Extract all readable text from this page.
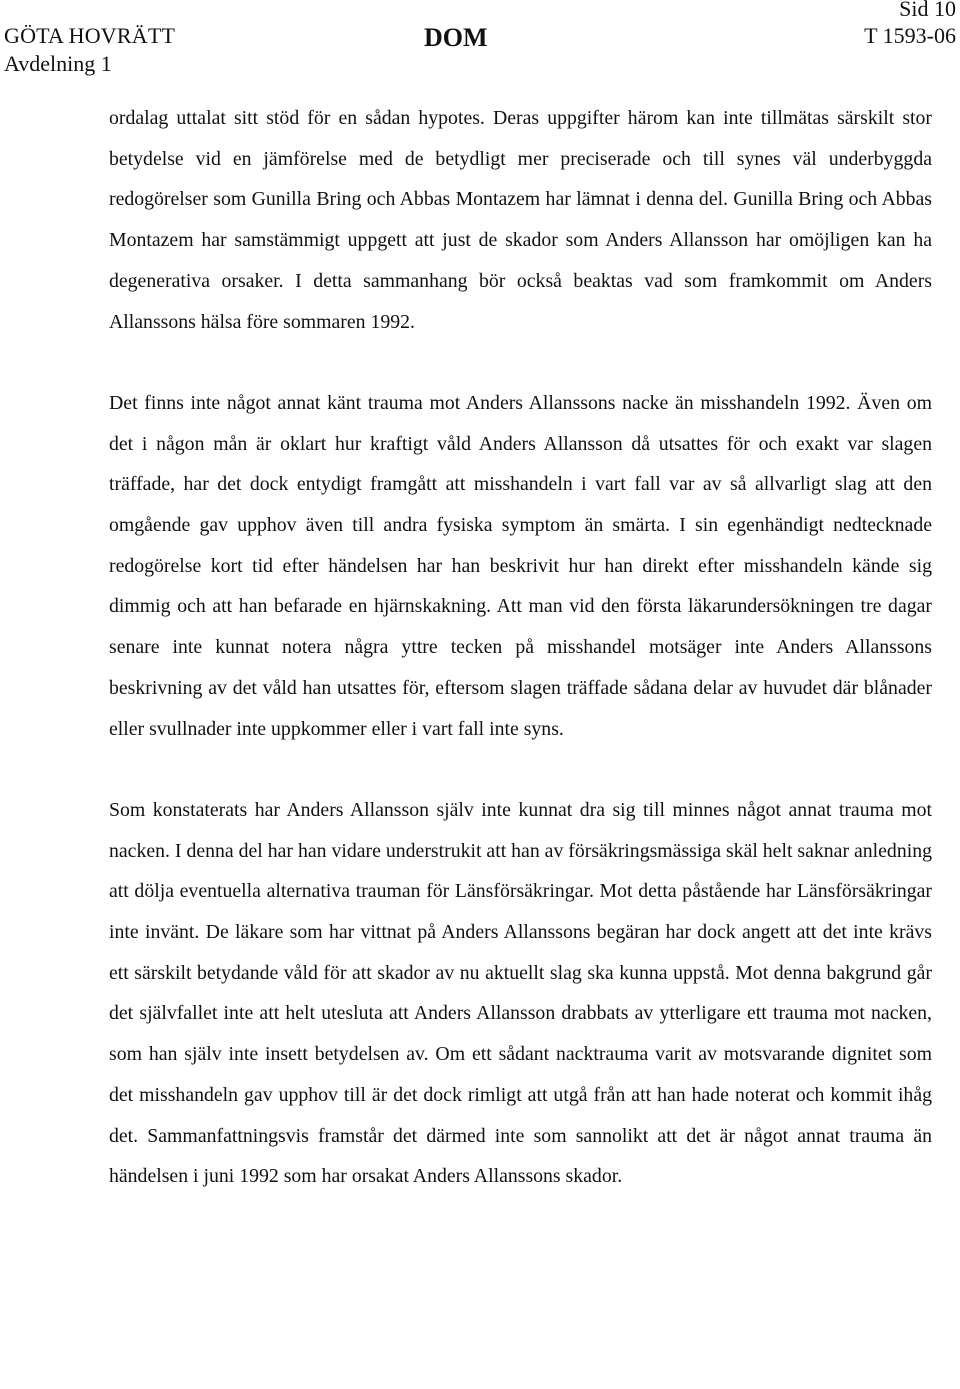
Sid 10
GÖTA HOVRÄTT
Avdelning 1
DOM	T 1593-06

ordalag uttalat sitt stöd för en sådan hypotes. Deras uppgifter härom kan inte tillmätas särskilt stor betydelse vid en jämförelse med de betydligt mer preciserade och till synes väl underbyggda redogörelser som Gunilla Bring och Abbas Montazem har lämnat i denna del. Gunilla Bring och Abbas Montazem har samstämmigt uppgett att just de skador som Anders Allansson har omöjligen kan ha degenerativa orsaker. I detta sammanhang bör också beaktas vad som framkommit om Anders Allanssons hälsa före sommaren 1992.

Det finns inte något annat känt trauma mot Anders Allanssons nacke än misshandeln 1992. Även om det i någon mån är oklart hur kraftigt våld Anders Allansson då utsattes för och exakt var slagen träffade, har det dock entydigt framgått att misshandeln i vart fall var av så allvarligt slag att den omgående gav upphov även till andra fysiska symptom än smärta. I sin egenhändigt nedtecknade redogörelse kort tid efter händelsen har han beskrivit hur han direkt efter misshandeln kände sig dimmig och att han befarade en hjärnskakning. Att man vid den första läkarundersökningen tre dagar senare inte kunnat notera några yttre tecken på misshandel motsäger inte Anders Allanssons beskrivning av det våld han utsattes för, eftersom slagen träffade sådana delar av huvudet där blånader eller svullnader inte uppkommer eller i vart fall inte syns.

Som konstaterats har Anders Allansson själv inte kunnat dra sig till minnes något annat trauma mot nacken. I denna del har han vidare understrukit att han av försäkringsmässiga skäl helt saknar anledning att dölja eventuella alternativa trauman för Länsförsäkringar. Mot detta påstående har Länsförsäkringar inte invänt. De läkare som har vittnat på Anders Allanssons begäran har dock angett att det inte krävs ett särskilt betydande våld för att skador av nu aktuellt slag ska kunna uppstå. Mot denna bakgrund går det självfallet inte att helt utesluta att Anders Allansson drabbats av ytterligare ett trauma mot nacken, som han själv inte insett betydelsen av. Om ett sådant nacktrauma varit av motsvarande dignitet som det misshandeln gav upphov till är det dock rimligt att utgå från att han hade noterat och kommit ihåg det. Sammanfattningsvis framstår det därmed inte som sannolikt att det är något annat trauma än händelsen i juni 1992 som har orsakat Anders Allanssons skador.
